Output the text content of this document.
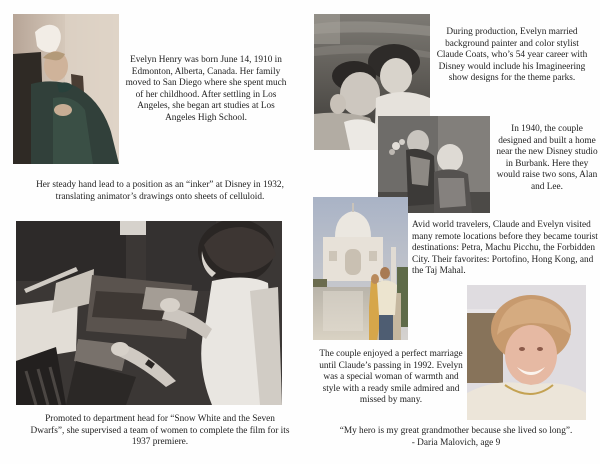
Evelyn Henry was born June 14, 1910 in Edmonton, Alberta, Canada. Her family moved to San Diego where she spent much of her childhood. After settling in Los Angeles, she began art studies at Los Angeles High School.
Her steady hand lead to a position as an “inker” at Disney in 1932, translating animator’s drawings onto sheets of celluloid.
Promoted to department head for “Snow White and the Seven Dwarfs”, she supervised a team of women to complete the film for its 1937 premiere.
During production, Evelyn married background painter and color stylist Claude Coats, who’s 54 year career with Disney would include his Imagineering show designs for the theme parks.
In 1940, the couple designed and built a home near the new Disney studio in Burbank. Here they would raise two sons, Alan and Lee.
Avid world travelers, Claude and Evelyn visited many remote locations before they became tourist destinations: Petra, Machu Picchu, the Forbidden City. Their favorites: Portofino, Hong Kong, and the Taj Mahal.
The couple enjoyed a perfect marriage until Claude’s passing in 1992. Evelyn was a special woman of warmth and style with a ready smile admired and missed by many.
“My hero is my great grandmother because she lived so long”.
- Daria Malovich, age 9
